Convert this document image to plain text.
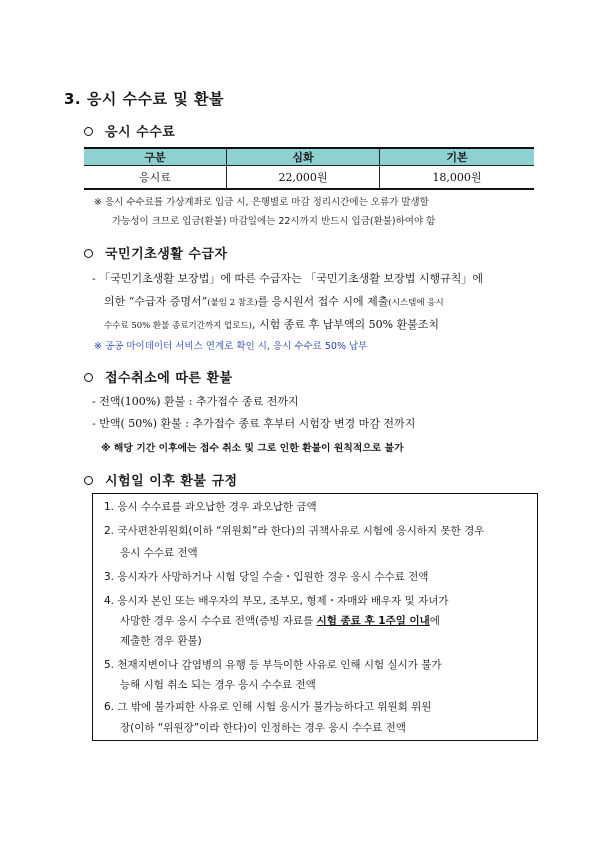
3. 응시 수수료 및 환불
응시 수수료
구분	심화	기본
응시료	22,000원	18,000원
※ 응시 수수료를 가상계좌로 입금 시, 은행별로 마감 정리시간에는 오류가 발생할
가능성이 크므로 입금(환불) 마감일에는 22시까지 반드시 입금(환불)하여야 함
국민기초생활 수급자
- 「국민기초생활 보장법」에 따른 수급자는 「국민기초생활 보장법 시행규칙」에
의한 “수급자 증명서”(붙임 2 참조)를 응시원서 접수 시에 제출(시스템에 응시
수수료 50% 환불 종료기간까지 업로드), 시험 종료 후 납부액의 50% 환불조치
※ 공공 마이데이터 서비스 연계로 확인 시, 응시 수수료 50% 납부
접수취소에 따른 환불
- 전액(100%) 환불 : 추가접수 종료 전까지
- 반액( 50%) 환불 : 추가접수 종료 후부터 시험장 변경 마감 전까지
※ 해당 기간 이후에는 접수 취소 및 그로 인한 환불이 원칙적으로 불가
시험일 이후 환불 규정
1. 응시 수수료를 과오납한 경우 과오납한 금액
2. 국사편찬위원회(이하 “위원회”라 한다)의 귀책사유로 시험에 응시하지 못한 경우
응시 수수료 전액
3. 응시자가 사망하거나 시험 당일 수술・입원한 경우 응시 수수료 전액
4. 응시자 본인 또는 배우자의 부모, 조부모, 형제・자매와 배우자 및 자녀가
사망한 경우 응시 수수료 전액(증빙 자료를 시험 종료 후 1주일 이내에
제출한 경우 환불)
5. 천재지변이나 감염병의 유행 등 부득이한 사유로 인해 시험 실시가 불가
능해 시험 취소 되는 경우 응시 수수료 전액
6. 그 밖에 불가피한 사유로 인해 시험 응시가 불가능하다고 위원회 위원
장(이하 “위원장”이라 한다)이 인정하는 경우 응시 수수료 전액
